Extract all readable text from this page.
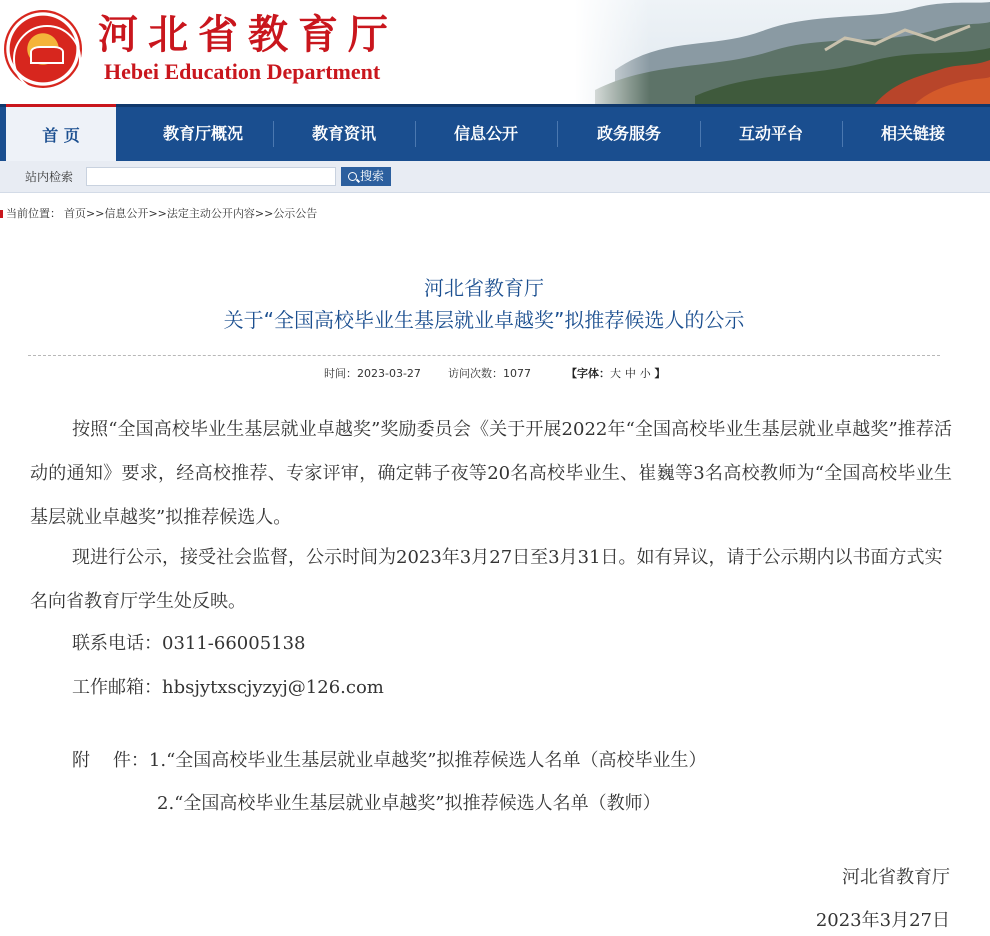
河北省教育厅
Hebei Education Department
首 页	教育厅概况	教育资讯	信息公开	政务服务	互动平台	相关链接
站内检索	搜索
当前位置： 首页>>信息公开>>法定主动公开内容>>公示公告
河北省教育厅
关于“全国高校毕业生基层就业卓越奖”拟推荐候选人的公示
时间：2023-03-27 访问次数：1077	【字体：大 中 小 】
按照“全国高校毕业生基层就业卓越奖”奖励委员会《关于开展2022年“全国高校毕业生基层就业卓越奖”推荐活动的通知》要求，经高校推荐、专家评审，确定韩子夜等20名高校毕业生、崔巍等3名高校教师为“全国高校毕业生基层就业卓越奖”拟推荐候选人。
现进行公示，接受社会监督，公示时间为2023年3月27日至3月31日。如有异议，请于公示期内以书面方式实名向省教育厅学生处反映。
联系电话：0311-66005138
工作邮箱：hbsjytxscjyzyj@126.com
附    件：1.“全国高校毕业生基层就业卓越奖”拟推荐候选人名单（高校毕业生）
2.“全国高校毕业生基层就业卓越奖”拟推荐候选人名单（教师）
河北省教育厅
2023年3月27日
